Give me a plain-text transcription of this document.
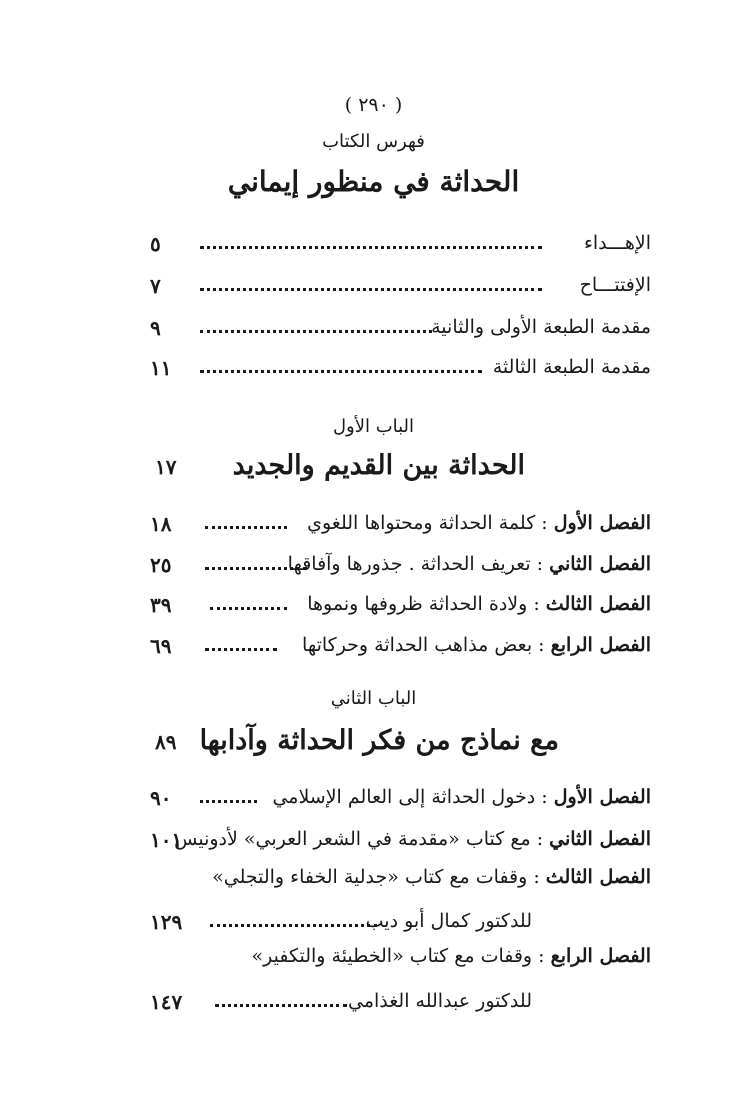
( ٢٩٠ )
فهرس الكتاب
الحداثة في منظور إيماني
٥	الإهـــداء
٧	الإفتتـــاح
٩	مقدمة الطبعة الأولى والثانية
١١	مقدمة الطبعة الثالثة
الباب الأول
الحداثة بين القديم والجديد
١٧
١٨	الفصل الأول : كلمة الحداثة ومحتواها اللغوي
٢٥	الفصل الثاني : تعريف الحداثة . جذورها وآفاقها
٣٩	الفصل الثالث : ولادة الحداثة ظروفها ونموها
٦٩	الفصل الرابع : بعض مذاهب الحداثة وحركاتها
الباب الثاني
مع نماذج من فكر الحداثة وآدابها
٨٩
٩٠	الفصل الأول : دخول الحداثة إلى العالم الإسلامي
١٠١	الفصل الثاني : مع كتاب «مقدمة في الشعر العربي» لأدونيس
الفصل الثالث : وقفات مع كتاب «جدلية الخفاء والتجلي»
١٢٩	للدكتور كمال أبو ديب
الفصل الرابع : وقفات مع كتاب «الخطيئة والتكفير»
١٤٧	للدكتور عبدالله الغذامي
